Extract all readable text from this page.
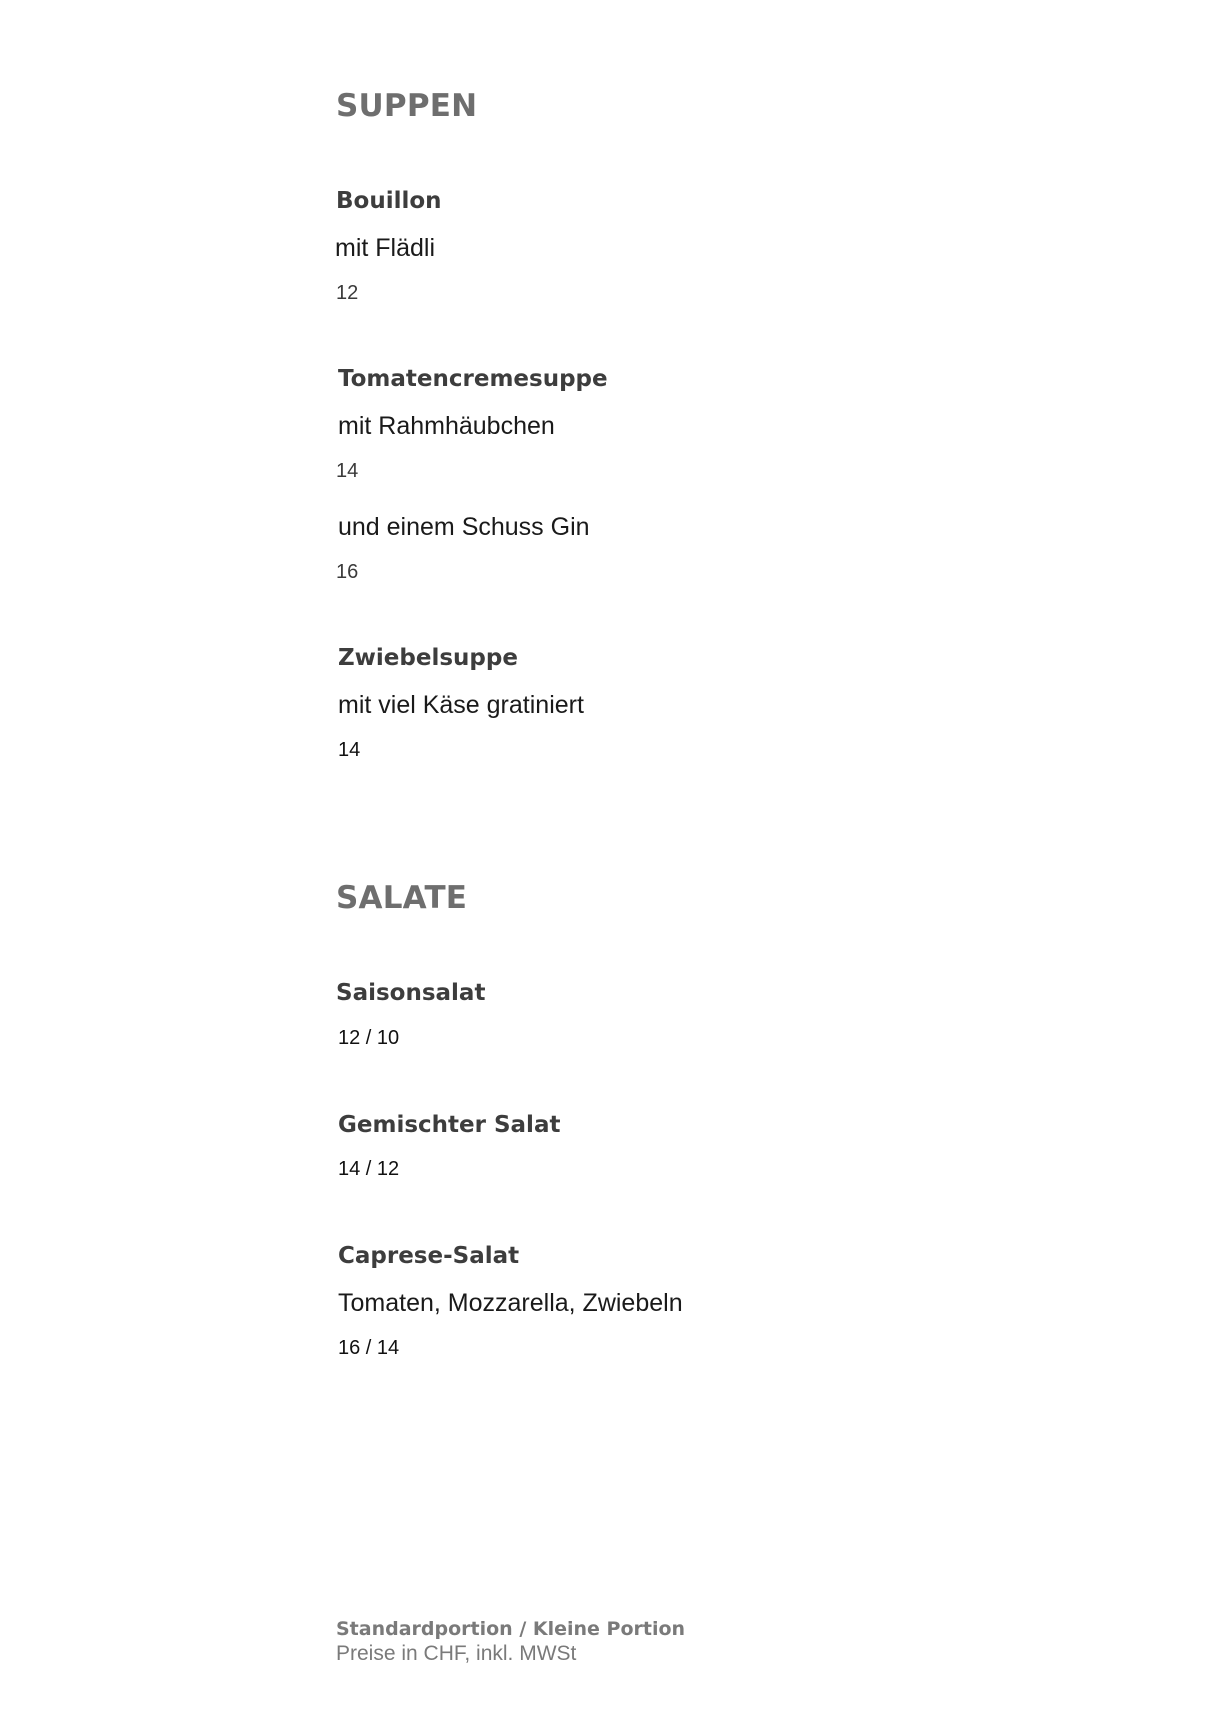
SUPPEN
Bouillon
mit Flädli
12
Tomatencremesuppe
mit Rahmhäubchen
14
und einem Schuss Gin
16
Zwiebelsuppe
mit viel Käse gratiniert
14
SALATE
Saisonsalat
12 / 10
Gemischter Salat
14 / 12
Caprese-Salat
Tomaten, Mozzarella, Zwiebeln
16 / 14
Standardportion / Kleine Portion
Preise in CHF, inkl. MWSt
